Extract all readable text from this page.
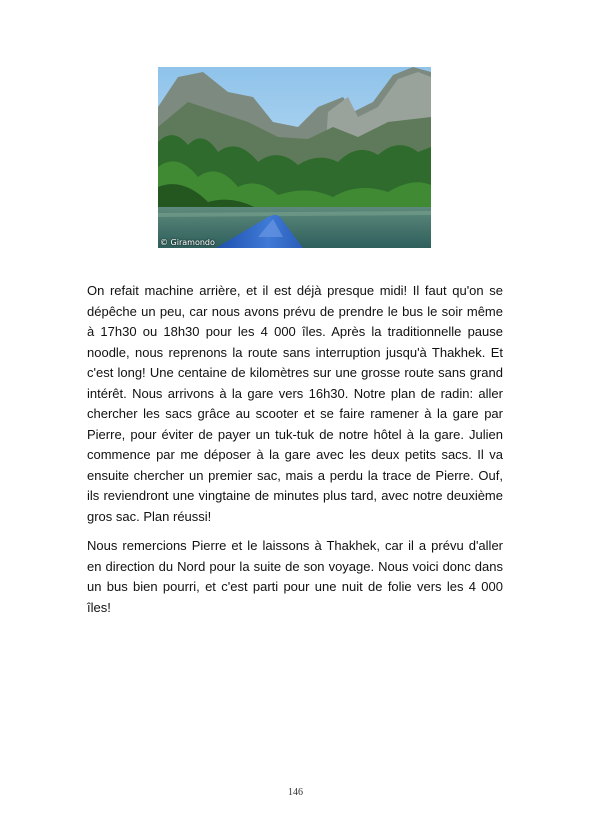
© Giramondo

On refait machine arrière, et il est déjà presque midi! Il faut qu'on se dépêche un peu, car nous avons prévu de prendre le bus le soir même à 17h30 ou 18h30 pour les 4 000 îles. Après la traditionnelle pause noodle, nous reprenons la route sans interruption jusqu'à Thakhek. Et c'est long! Une centaine de kilomètres sur une grosse route sans grand intérêt. Nous arrivons à la gare vers 16h30. Notre plan de radin: aller chercher les sacs grâce au scooter et se faire ramener à la gare par Pierre, pour éviter de payer un tuk-tuk de notre hôtel à la gare. Julien commence par me déposer à la gare avec les deux petits sacs. Il va ensuite chercher un premier sac, mais a perdu la trace de Pierre. Ouf, ils reviendront une vingtaine de minutes plus tard, avec notre deuxième gros sac. Plan réussi!

Nous remercions Pierre et le laissons à Thakhek, car il a prévu d'aller en direction du Nord pour la suite de son voyage. Nous voici donc dans un bus bien pourri, et c'est parti pour une nuit de folie vers les 4 000 îles!

146
